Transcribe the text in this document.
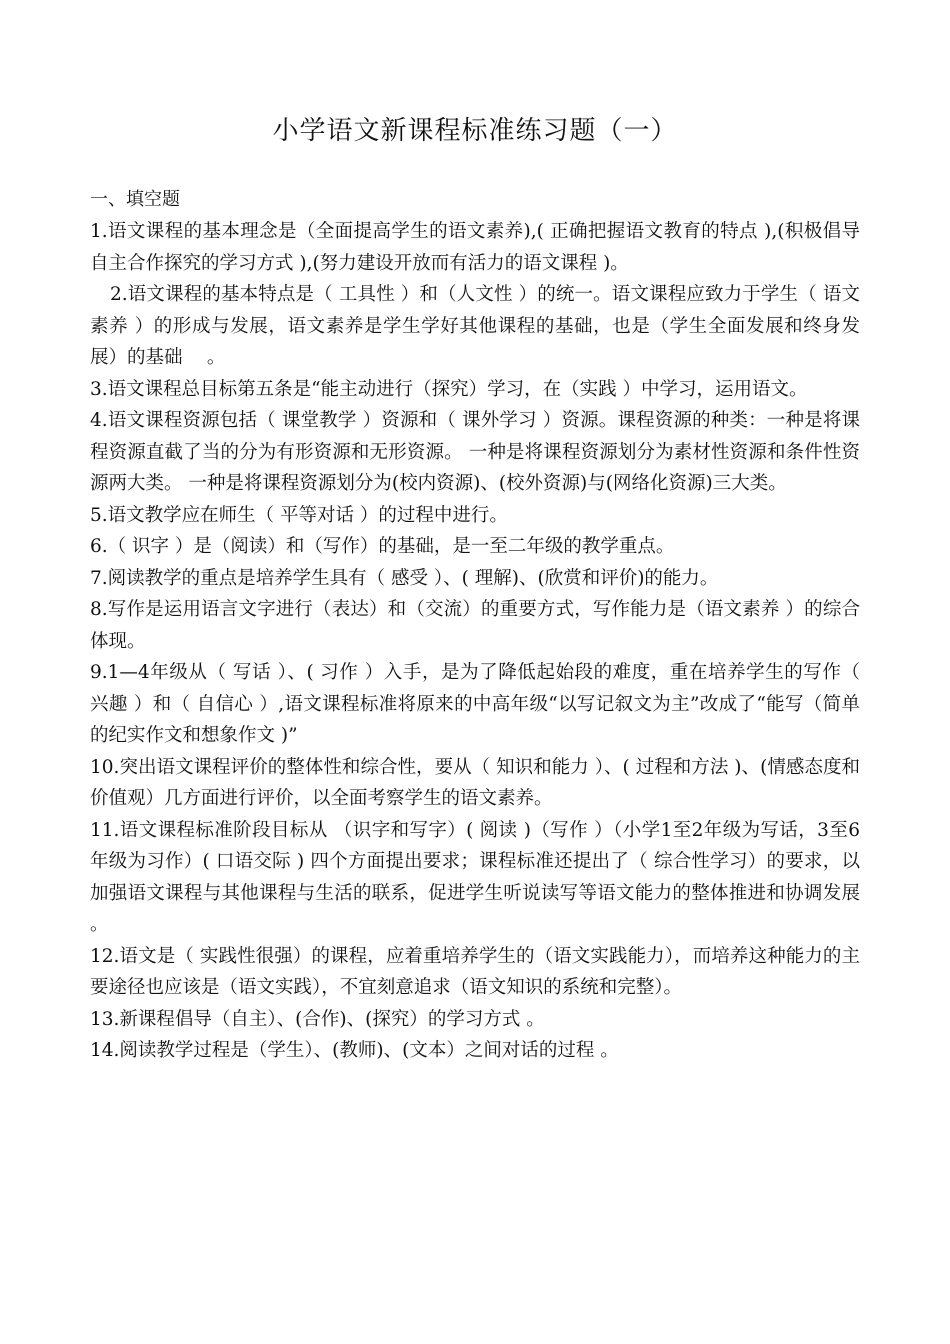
小学语文新课程标准练习题（一）
一、填空题

1.语文课程的基本理念是（全面提高学生的语文素养),( 正确把握语文教育的特点 ),(积极倡导自主合作探究的学习方式 ),(努力建设开放而有活力的语文课程 )。

2.语文课程的基本特点是（ 工具性 ）和（人文性 ）的统一。语文课程应致力于学生（ 语文素养 ）的形成与发展，语文素养是学生学好其他课程的基础，也是（学生全面发展和终身发展）的基础　 。

3.语文课程总目标第五条是“能主动进行（探究）学习，在（实践 ）中学习，运用语文。

4.语文课程资源包括（ 课堂教学 ）资源和（ 课外学习 ）资源。课程资源的种类：一种是将课程资源直截了当的分为有形资源和无形资源。 一种是将课程资源划分为素材性资源和条件性资源两大类。 一种是将课程资源划分为(校内资源)、(校外资源)与(网络化资源)三大类。

5.语文教学应在师生（ 平等对话 ）的过程中进行。

6.（ 识字 ）是（阅读）和（写作）的基础，是一至二年级的教学重点。

7.阅读教学的重点是培养学生具有（ 感受 ）、( 理解)、(欣赏和评价)的能力。

8.写作是运用语言文字进行（表达）和（交流）的重要方式，写作能力是（语文素养 ）的综合体现。

9.1—4年级从（ 写话 ）、( 习作 ）入手，是为了降低起始段的难度，重在培养学生的写作（ 兴趣 ）和（ 自信心 ）,语文课程标准将原来的中高年级“以写记叙文为主”改成了“能写（简单的纪实作文和想象作文 )”

10.突出语文课程评价的整体性和综合性，要从（ 知识和能力 ）、( 过程和方法 )、(情感态度和价值观）几方面进行评价，以全面考察学生的语文素养。

11.语文课程标准阶段目标从 （识字和写字）( 阅读 )（写作 ）（小学1至2年级为写话，3至6年级为习作）( 口语交际 ) 四个方面提出要求；课程标准还提出了（ 综合性学习）的要求，以加强语文课程与其他课程与生活的联系，促进学生听说读写等语文能力的整体推进和协调发展　 。

12.语文是（ 实践性很强）的课程，应着重培养学生的（语文实践能力），而培养这种能力的主要途径也应该是（语文实践），不宜刻意追求（语文知识的系统和完整）。

13.新课程倡导（自主）、(合作)、(探究）的学习方式 。

14.阅读教学过程是（学生）、(教师)、(文本）之间对话的过程 。
